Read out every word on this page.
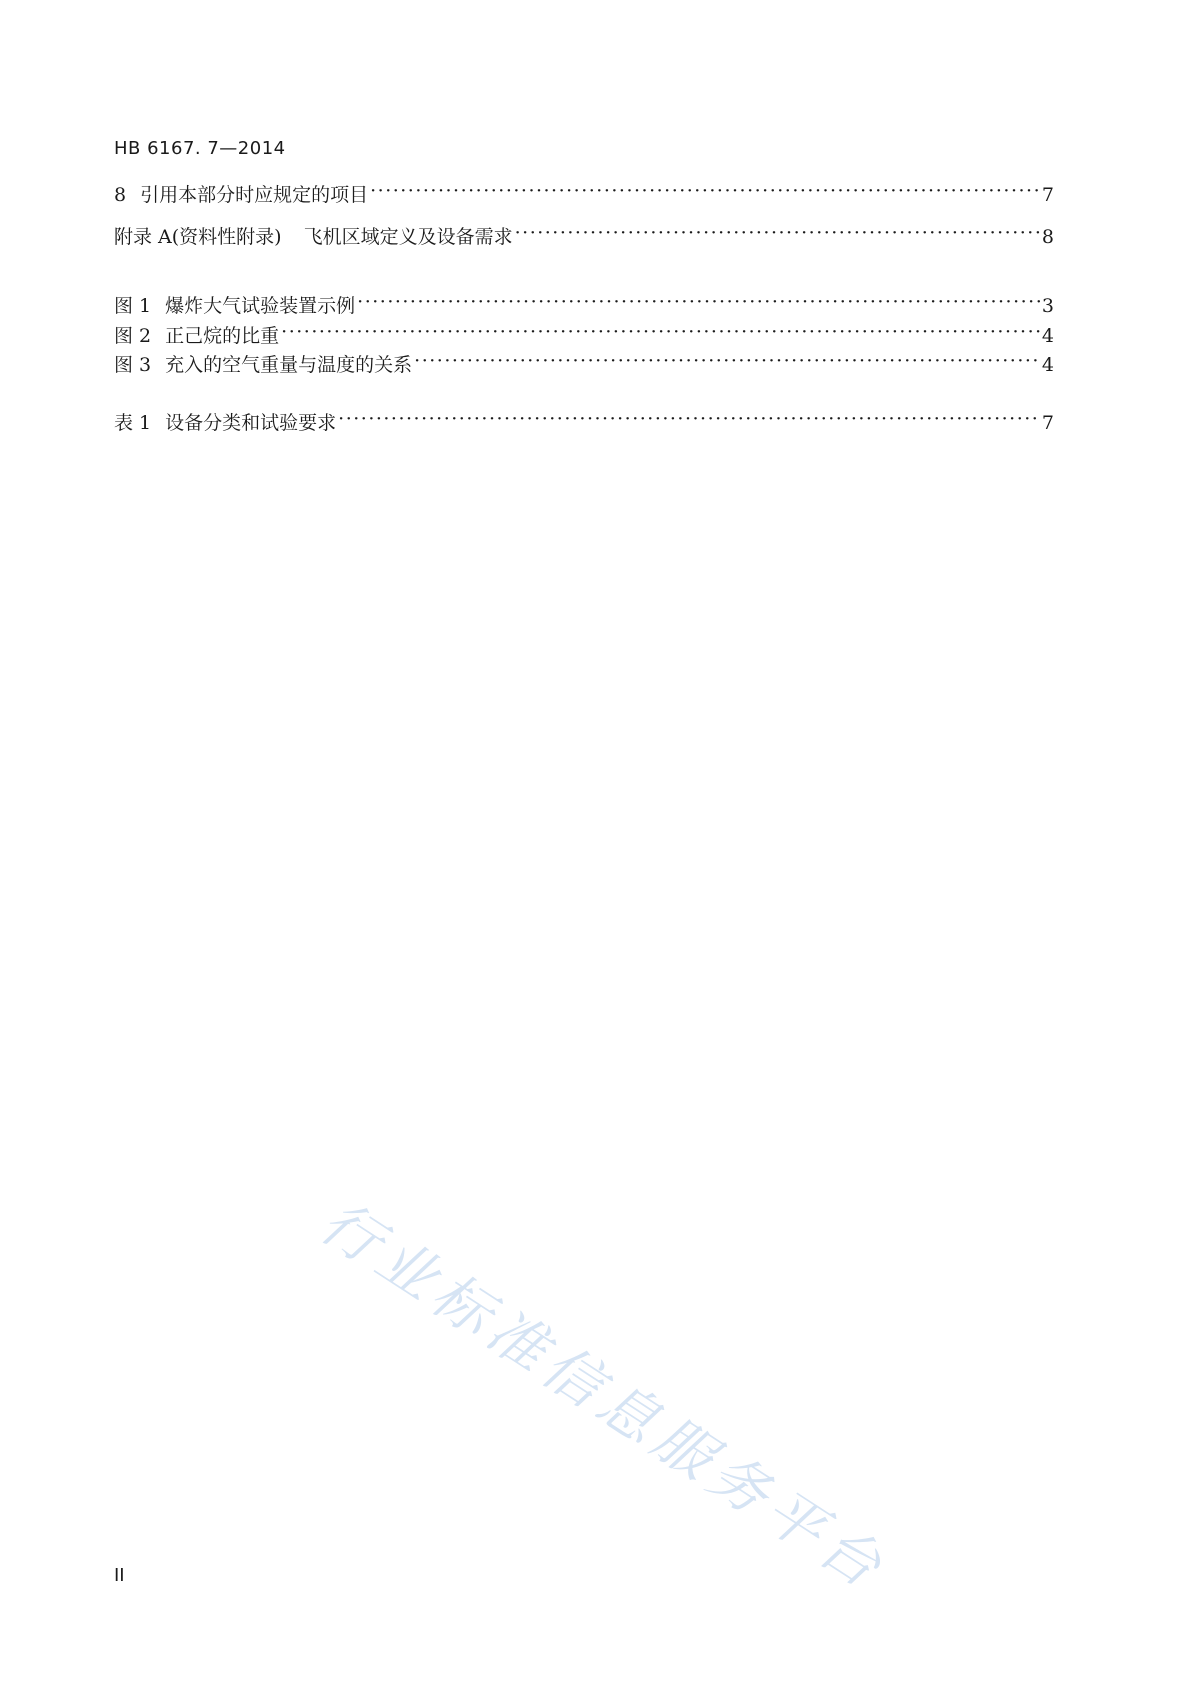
HB 6167. 7—2014
8 引用本部分时应规定的项目 ·····	7
附录 A(资料性附录) 飞机区域定义及设备需求 ·····	8
图 1 爆炸大气试验装置示例 ·····	3
图 2 正己烷的比重 ·····	4
图 3 充入的空气重量与温度的关系 ·····	4
表 1 设备分类和试验要求 ·····	7
行业标准信息服务平台
II
